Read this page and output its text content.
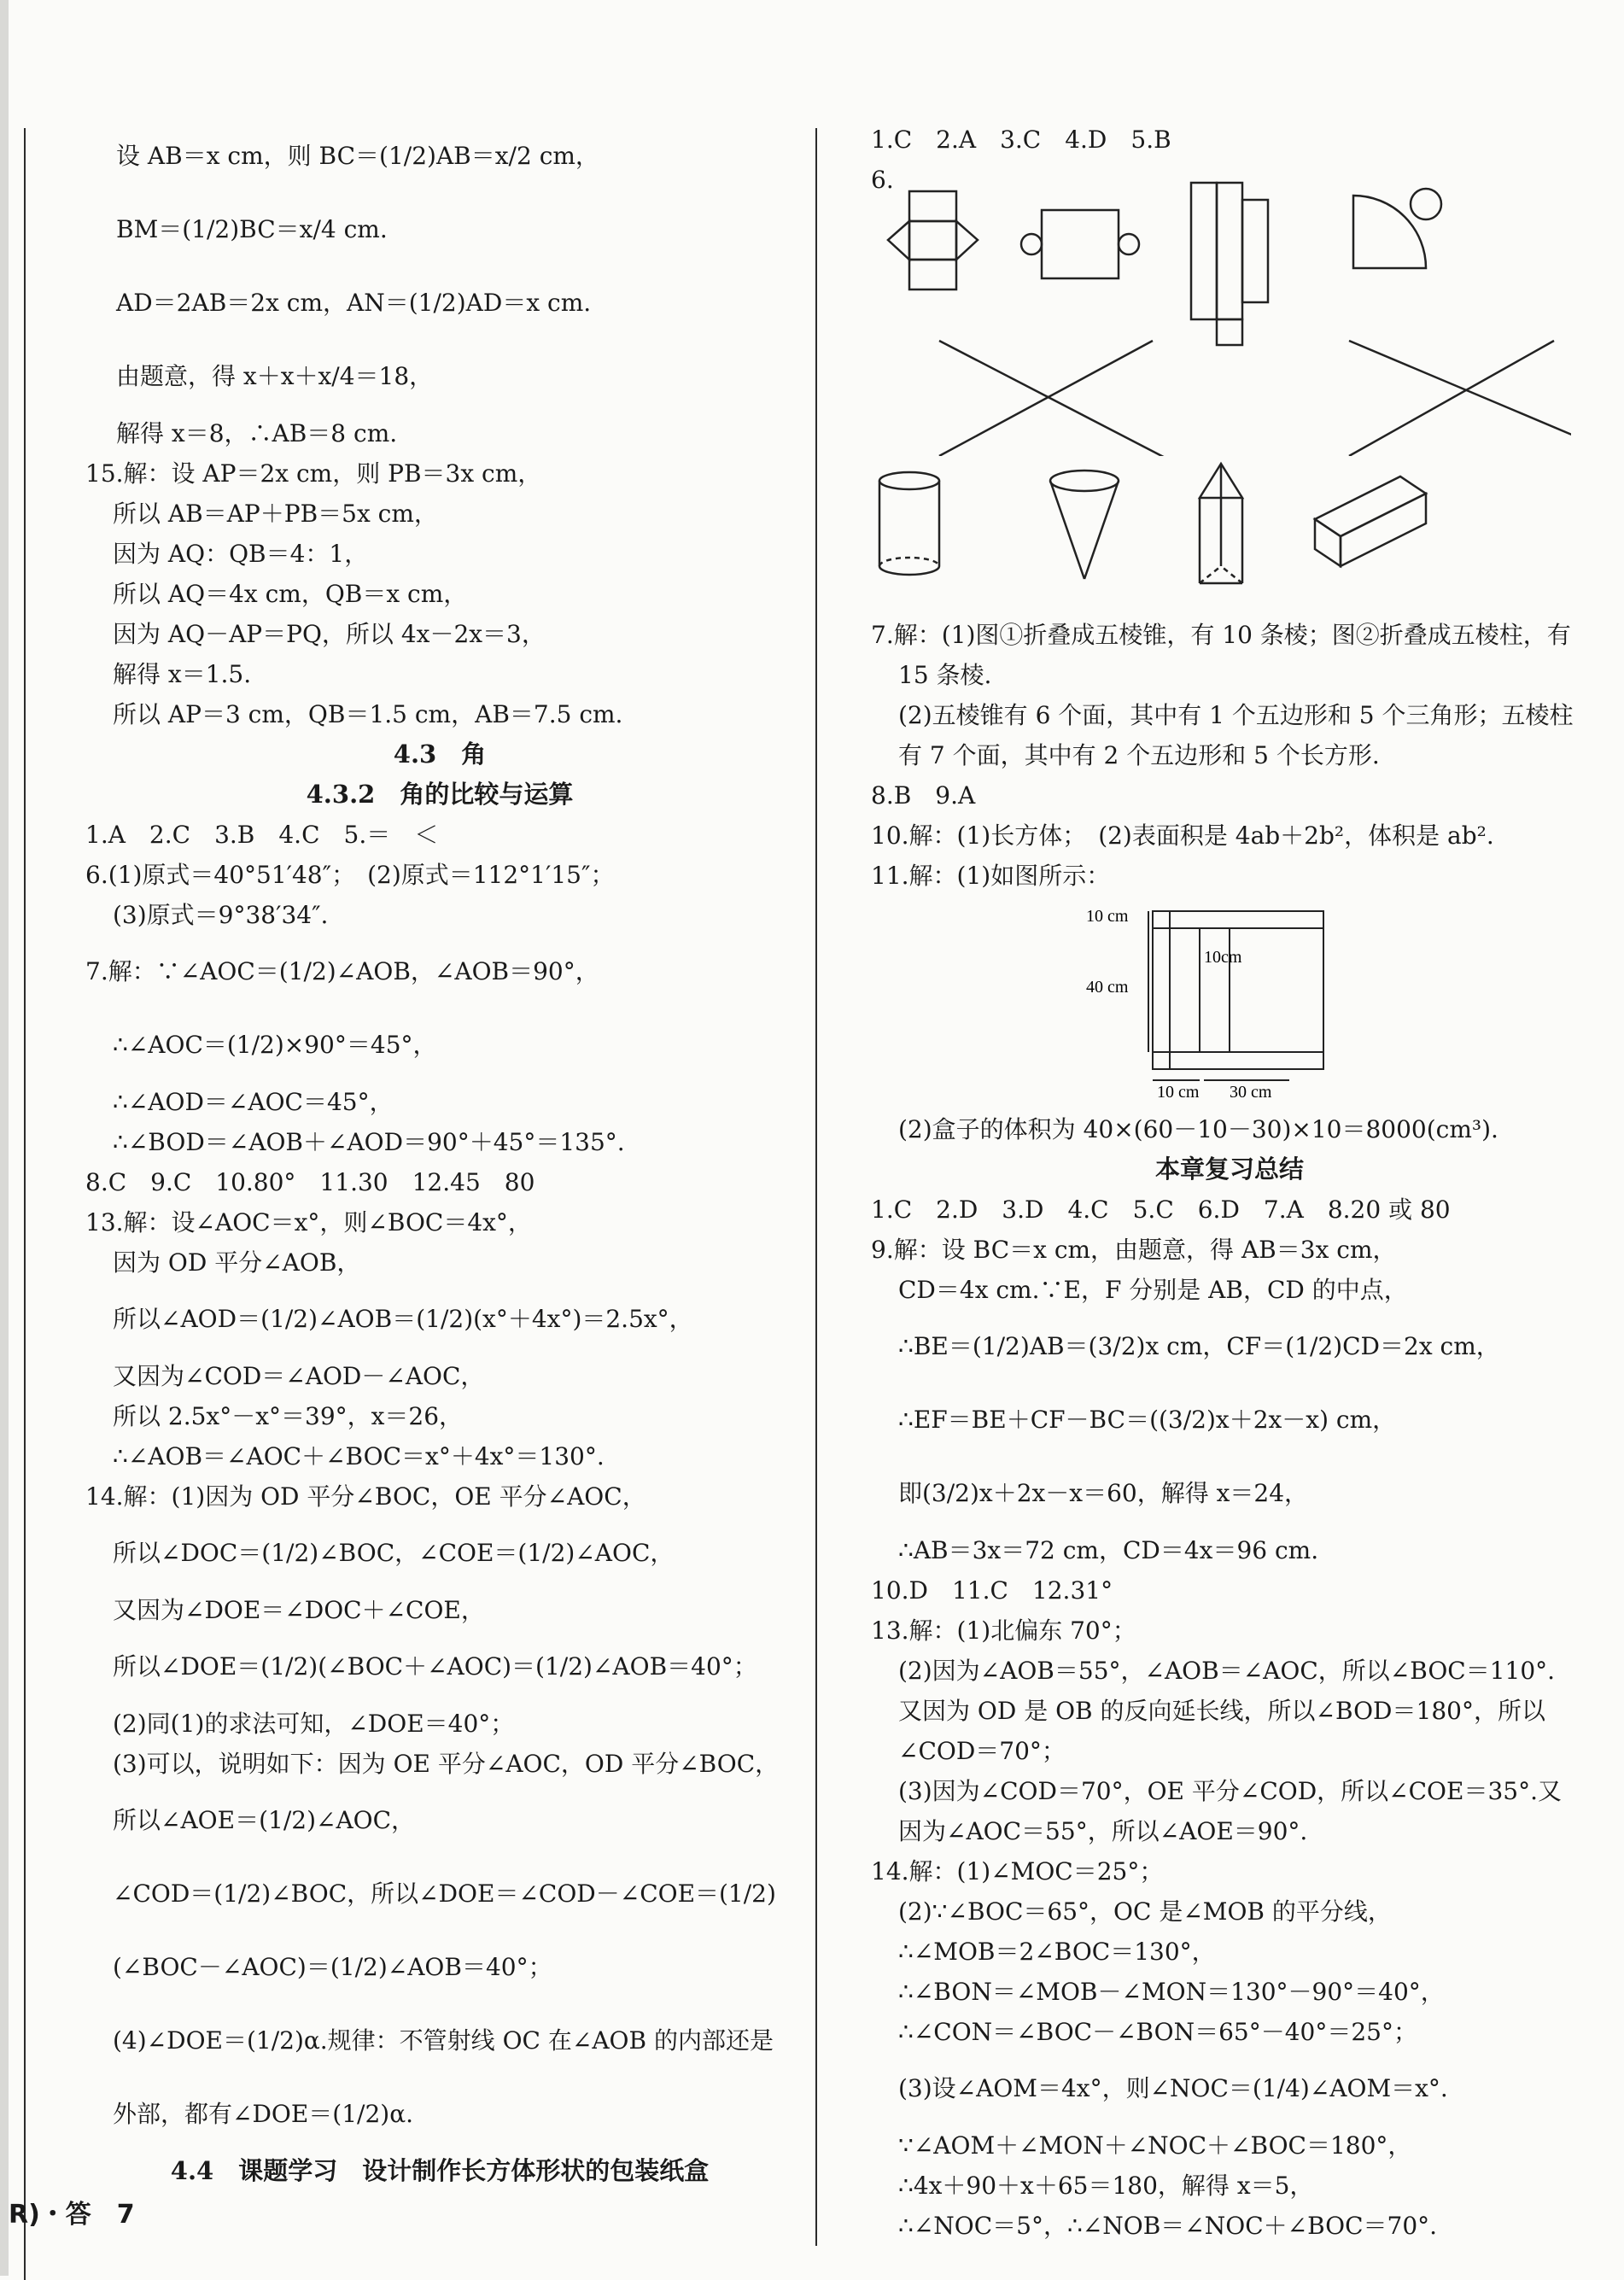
设 AB＝x cm，则 BC＝(1/2)AB＝x/2 cm，
BM＝(1/2)BC＝x/4 cm.
AD＝2AB＝2x cm，AN＝(1/2)AD＝x cm.
由题意，得 x＋x＋x/4＝18，
解得 x＝8，∴AB＝8 cm.
15.解：设 AP＝2x cm，则 PB＝3x cm，
所以 AB＝AP＋PB＝5x cm，
因为 AQ：QB＝4：1，
所以 AQ＝4x cm，QB＝x cm，
因为 AQ－AP＝PQ，所以 4x－2x＝3，
解得 x＝1.5.
所以 AP＝3 cm，QB＝1.5 cm，AB＝7.5 cm.
4.3　角
4.3.2　角的比较与运算
1.A　2.C　3.B　4.C　5.＝　＜
6.(1)原式＝40°51′48″；　(2)原式＝112°1′15″；
(3)原式＝9°38′34″.
7.解：∵∠AOC＝(1/2)∠AOB，∠AOB＝90°，
∴∠AOC＝(1/2)×90°＝45°，
∴∠AOD＝∠AOC＝45°，
∴∠BOD＝∠AOB＋∠AOD＝90°＋45°＝135°.
8.C　9.C　10.80°　11.30　12.45　80
13.解：设∠AOC＝x°，则∠BOC＝4x°，
因为 OD 平分∠AOB，
所以∠AOD＝(1/2)∠AOB＝(1/2)(x°＋4x°)＝2.5x°，
又因为∠COD＝∠AOD－∠AOC，
所以 2.5x°－x°＝39°，x＝26，
∴∠AOB＝∠AOC＋∠BOC＝x°＋4x°＝130°.
14.解：(1)因为 OD 平分∠BOC，OE 平分∠AOC，
所以∠DOC＝(1/2)∠BOC，∠COE＝(1/2)∠AOC，
又因为∠DOE＝∠DOC＋∠COE，
所以∠DOE＝(1/2)(∠BOC＋∠AOC)＝(1/2)∠AOB＝40°；
(2)同(1)的求法可知，∠DOE＝40°；
(3)可以，说明如下：因为 OE 平分∠AOC，OD 平分∠BOC，
所以∠AOE＝(1/2)∠AOC，
∠COD＝(1/2)∠BOC，所以∠DOE＝∠COD－∠COE＝(1/2)
(∠BOC－∠AOC)＝(1/2)∠AOB＝40°；
(4)∠DOE＝(1/2)α.规律：不管射线 OC 在∠AOB 的内部还是
外部，都有∠DOE＝(1/2)α.
4.4　课题学习　设计制作长方体形状的包装纸盒
1.C　2.A　3.C　4.D　5.B
6.

7.解：(1)图①折叠成五棱锥，有 10 条棱；图②折叠成五棱柱，有
15 条棱.
(2)五棱锥有 6 个面，其中有 1 个五边形和 5 个三角形；五棱柱
有 7 个面，其中有 2 个五边形和 5 个长方形.
8.B　9.A
10.解：(1)长方体；　(2)表面积是 4ab＋2b²，体积是 ab².
11.解：(1)如图所示：
10 cm
40 cm
10cm
10 cm 30 cm
(2)盒子的体积为 40×(60－10－30)×10＝8000(cm³).
本章复习总结
1.C　2.D　3.D　4.C　5.C　6.D　7.A　8.20 或 80
9.解：设 BC＝x cm，由题意，得 AB＝3x cm，
CD＝4x cm.∵E，F 分别是 AB，CD 的中点，
∴BE＝(1/2)AB＝(3/2)x cm，CF＝(1/2)CD＝2x cm，
∴EF＝BE＋CF－BC＝((3/2)x＋2x－x) cm，
即(3/2)x＋2x－x＝60，解得 x＝24，
∴AB＝3x＝72 cm，CD＝4x＝96 cm.
10.D　11.C　12.31°
13.解：(1)北偏东 70°；
(2)因为∠AOB＝55°，∠AOB＝∠AOC，所以∠BOC＝110°.
又因为 OD 是 OB 的反向延长线，所以∠BOD＝180°，所以
∠COD＝70°；
(3)因为∠COD＝70°，OE 平分∠COD，所以∠COE＝35°.又
因为∠AOC＝55°，所以∠AOE＝90°.
14.解：(1)∠MOC＝25°；
(2)∵∠BOC＝65°，OC 是∠MOB 的平分线，
∴∠MOB＝2∠BOC＝130°，
∴∠BON＝∠MOB－∠MON＝130°－90°＝40°，
∴∠CON＝∠BOC－∠BON＝65°－40°＝25°；
(3)设∠AOM＝4x°，则∠NOC＝(1/4)∠AOM＝x°.
∵∠AOM＋∠MON＋∠NOC＋∠BOC＝180°，
∴4x＋90＋x＋65＝180，解得 x＝5，
∴∠NOC＝5°，∴∠NOB＝∠NOC＋∠BOC＝70°.
R)・答　7
